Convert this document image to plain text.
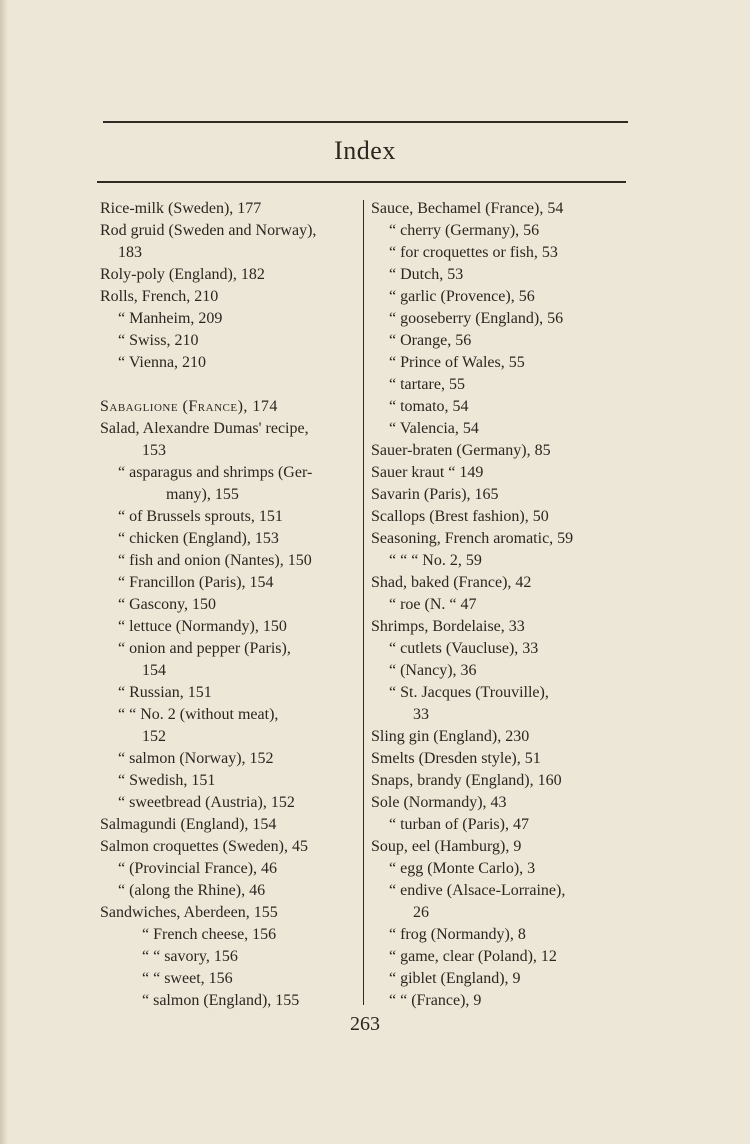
Index
Rice-milk (Sweden), 177
Rod gruid (Sweden and Norway),
183
Roly-poly (England), 182
Rolls, French, 210
“ Manheim, 209
“ Swiss, 210
“ Vienna, 210
Sabaglione (France), 174
Salad, Alexandre Dumas' recipe,
153
“ asparagus and shrimps (Ger-
many), 155
“ of Brussels sprouts, 151
“ chicken (England), 153
“ fish and onion (Nantes), 150
“ Francillon (Paris), 154
“ Gascony, 150
“ lettuce (Normandy), 150
“ onion and pepper (Paris),
154
“ Russian, 151
“ “ No. 2 (without meat),
152
“ salmon (Norway), 152
“ Swedish, 151
“ sweetbread (Austria), 152
Salmagundi (England), 154
Salmon croquettes (Sweden), 45
“ (Provincial France), 46
“ (along the Rhine), 46
Sandwiches, Aberdeen, 155
“ French cheese, 156
“ “ savory, 156
“ “ sweet, 156
“ salmon (England), 155
Sauce, Bechamel (France), 54
“ cherry (Germany), 56
“ for croquettes or fish, 53
“ Dutch, 53
“ garlic (Provence), 56
“ gooseberry (England), 56
“ Orange, 56
“ Prince of Wales, 55
“ tartare, 55
“ tomato, 54
“ Valencia, 54
Sauer-braten (Germany), 85
Sauer kraut “ 149
Savarin (Paris), 165
Scallops (Brest fashion), 50
Seasoning, French aromatic, 59
“ “ “ No. 2, 59
Shad, baked (France), 42
“ roe (N. “ 47
Shrimps, Bordelaise, 33
“ cutlets (Vaucluse), 33
“ (Nancy), 36
“ St. Jacques (Trouville),
33
Sling gin (England), 230
Smelts (Dresden style), 51
Snaps, brandy (England), 160
Sole (Normandy), 43
“ turban of (Paris), 47
Soup, eel (Hamburg), 9
“ egg (Monte Carlo), 3
“ endive (Alsace-Lorraine),
26
“ frog (Normandy), 8
“ game, clear (Poland), 12
“ giblet (England), 9
“ “ (France), 9
263
